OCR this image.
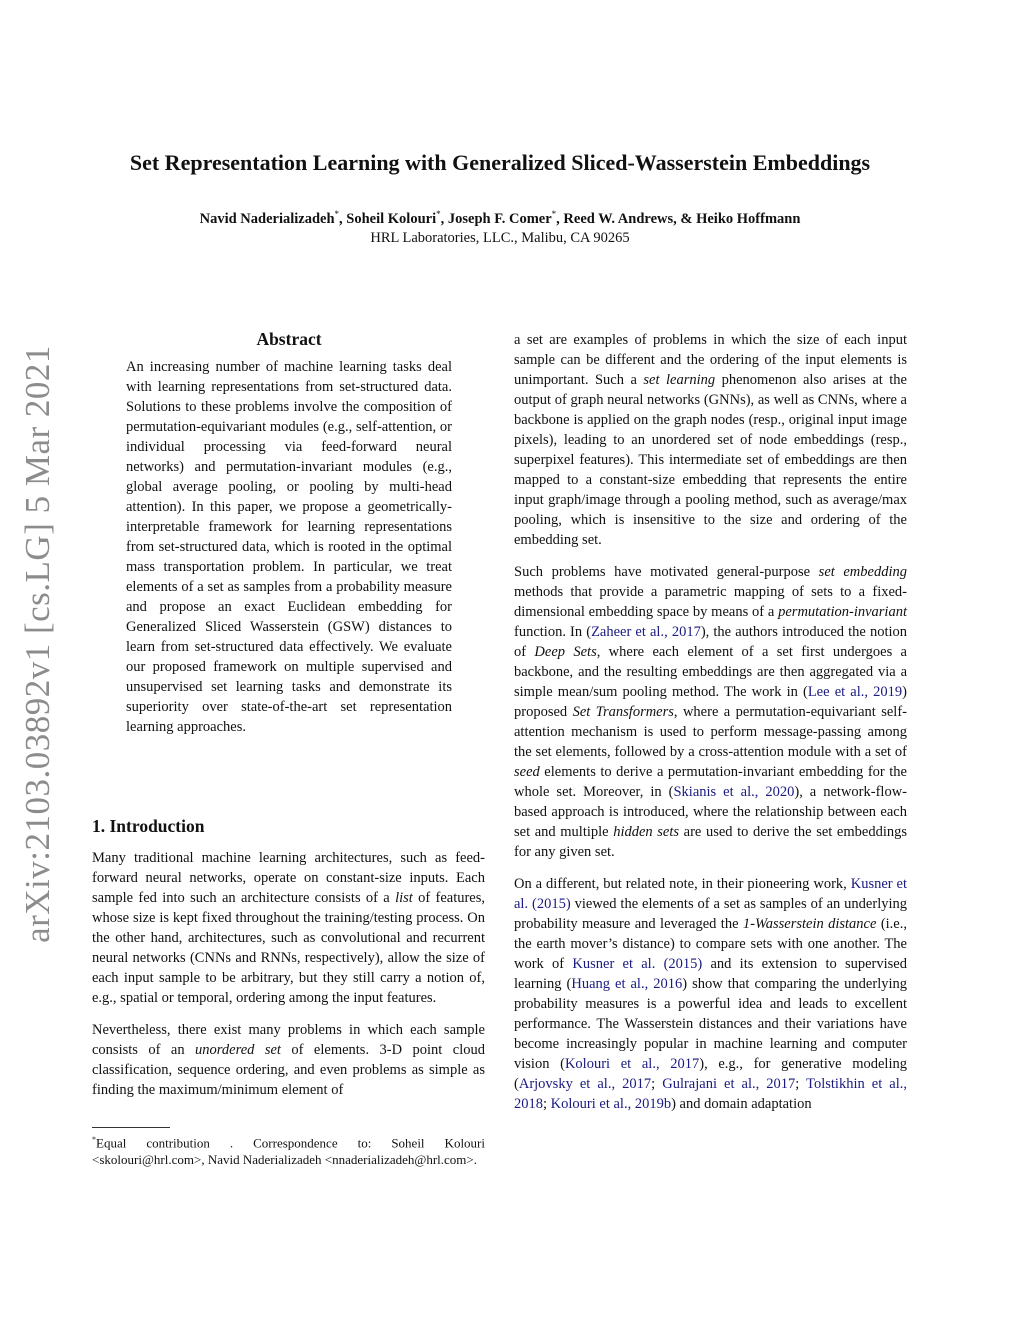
arXiv:2103.03892v1 [cs.LG] 5 Mar 2021
Set Representation Learning with Generalized Sliced-Wasserstein Embeddings
Navid Naderializadeh*, Soheil Kolouri*, Joseph F. Comer*, Reed W. Andrews, & Heiko Hoffmann
HRL Laboratories, LLC., Malibu, CA 90265
Abstract

An increasing number of machine learning tasks deal with learning representations from set-structured data. Solutions to these problems involve the composition of permutation-equivariant modules (e.g., self-attention, or individual processing via feed-forward neural networks) and permutation-invariant modules (e.g., global average pooling, or pooling by multi-head attention). In this paper, we propose a geometrically-interpretable framework for learning representations from set-structured data, which is rooted in the optimal mass transportation problem. In particular, we treat elements of a set as samples from a probability measure and propose an exact Euclidean embedding for Generalized Sliced Wasserstein (GSW) distances to learn from set-structured data effectively. We evaluate our proposed framework on multiple supervised and unsupervised set learning tasks and demonstrate its superiority over state-of-the-art set representation learning approaches.

1. Introduction

Many traditional machine learning architectures, such as feed-forward neural networks, operate on constant-size inputs. Each sample fed into such an architecture consists of a list of features, whose size is kept fixed throughout the training/testing process. On the other hand, architectures, such as convolutional and recurrent neural networks (CNNs and RNNs, respectively), allow the size of each input sample to be arbitrary, but they still carry a notion of, e.g., spatial or temporal, ordering among the input features.

Nevertheless, there exist many problems in which each sample consists of an unordered set of elements. 3-D point cloud classification, sequence ordering, and even problems as simple as finding the maximum/minimum element of

*Equal contribution . Correspondence to: Soheil Kolouri <skolouri@hrl.com>, Navid Naderializadeh <nnaderializadeh@hrl.com>.

a set are examples of problems in which the size of each input sample can be different and the ordering of the input elements is unimportant. Such a set learning phenomenon also arises at the output of graph neural networks (GNNs), as well as CNNs, where a backbone is applied on the graph nodes (resp., original input image pixels), leading to an unordered set of node embeddings (resp., superpixel features). This intermediate set of embeddings are then mapped to a constant-size embedding that represents the entire input graph/image through a pooling method, such as average/max pooling, which is insensitive to the size and ordering of the embedding set.

Such problems have motivated general-purpose set embedding methods that provide a parametric mapping of sets to a fixed-dimensional embedding space by means of a permutation-invariant function. In (Zaheer et al., 2017), the authors introduced the notion of Deep Sets, where each element of a set first undergoes a backbone, and the resulting embeddings are then aggregated via a simple mean/sum pooling method. The work in (Lee et al., 2019) proposed Set Transformers, where a permutation-equivariant self-attention mechanism is used to perform message-passing among the set elements, followed by a cross-attention module with a set of seed elements to derive a permutation-invariant embedding for the whole set. Moreover, in (Skianis et al., 2020), a network-flow-based approach is introduced, where the relationship between each set and multiple hidden sets are used to derive the set embeddings for any given set.

On a different, but related note, in their pioneering work, Kusner et al. (2015) viewed the elements of a set as samples of an underlying probability measure and leveraged the 1-Wasserstein distance (i.e., the earth mover’s distance) to compare sets with one another. The work of Kusner et al. (2015) and its extension to supervised learning (Huang et al., 2016) show that comparing the underlying probability measures is a powerful idea and leads to excellent performance. The Wasserstein distances and their variations have become increasingly popular in machine learning and computer vision (Kolouri et al., 2017), e.g., for generative modeling (Arjovsky et al., 2017; Gulrajani et al., 2017; Tolstikhin et al., 2018; Kolouri et al., 2019b) and domain adaptation
